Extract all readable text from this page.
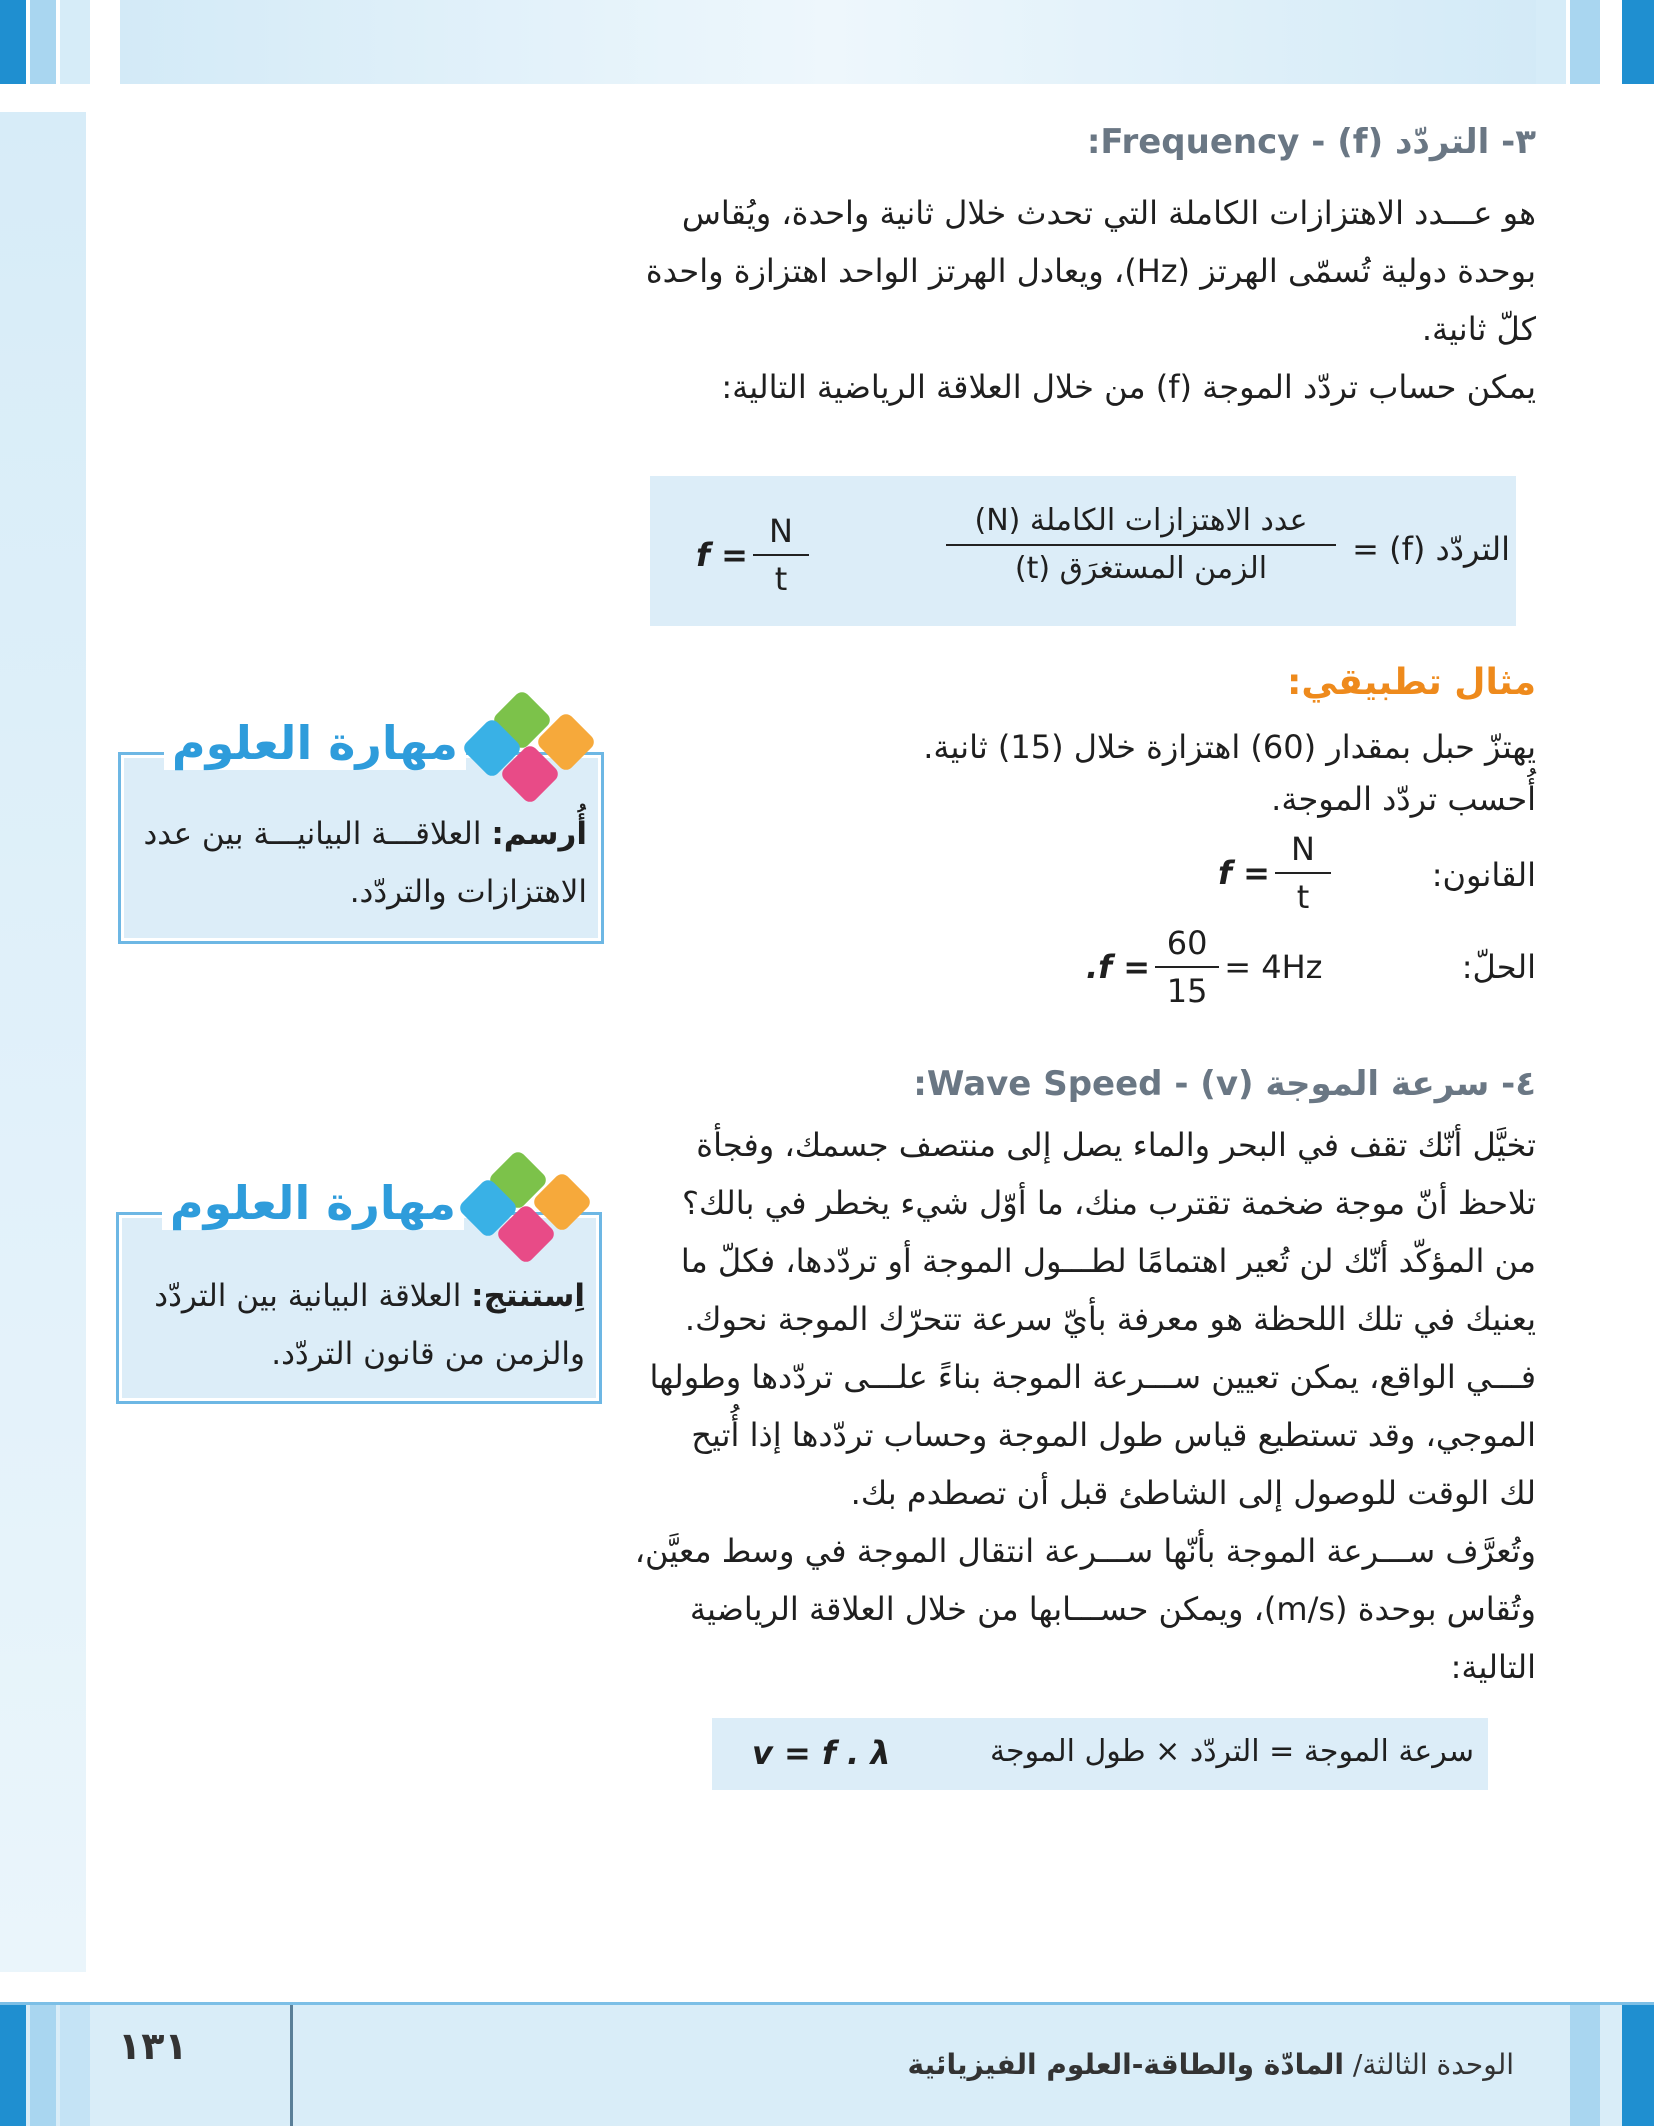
١٣١	الوحدة الثالثة/ المادّة والطاقة-العلوم الفيزيائية
٣- التردّد (f) - Frequency:
هو عـــدد الاهتزازات الكاملة التي تحدث خلال ثانية واحدة، ويُقاس
بوحدة دولية تُسمّى الهرتز (Hz)، ويعادل الهرتز الواحد اهتزازة واحدة
كلّ ثانية.
يمكن حساب تردّد الموجة (f) من خلال العلاقة الرياضية التالية:
$f = \frac{N}{t}$	عدد الاهتزازات الكاملة (N)
الزمن المستغرَق (t)
التردّد (f) =
مثال تطبيقي:
يهتزّ حبل بمقدار (60) اهتزازة خلال (15) ثانية.
أُحسب تردّد الموجة.
القانون:
$f = \frac{N}{t}$
الحلّ:
$.f = \frac{60}{15} = 4Hz$
أُرسم: العلاقـــة البيانيـــة بين عدد
الاهتزازات والتردّد.
مهارة العلوم
٤- سرعة الموجة (v) - Wave Speed:
تخيَّل أنّك تقف في البحر والماء يصل إلى منتصف جسمك، وفجأة
تلاحظ أنّ موجة ضخمة تقترب منك، ما أوّل شيء يخطر في بالك؟
من المؤكّد أنّك لن تُعير اهتمامًا لطـــول الموجة أو تردّدها، فكلّ ما
يعنيك في تلك اللحظة هو معرفة بأيّ سرعة تتحرّك الموجة نحوك.
فـــي الواقع، يمكن تعيين ســـرعة الموجة بناءً علـــى تردّدها وطولها
الموجي، وقد تستطيع قياس طول الموجة وحساب تردّدها إذا أُتيح
لك الوقت للوصول إلى الشاطئ قبل أن تصطدم بك.
وتُعرَّف ســـرعة الموجة بأنّها ســـرعة انتقال الموجة في وسط معيَّن،
وتُقاس بوحدة (m/s)، ويمكن حســـابها من خلال العلاقة الرياضية
التالية:
اِستنتج: العلاقة البيانية بين التردّد
والزمن من قانون التردّد.
مهارة العلوم
سرعة الموجة = التردّد × طول الموجة
v = f . λ
